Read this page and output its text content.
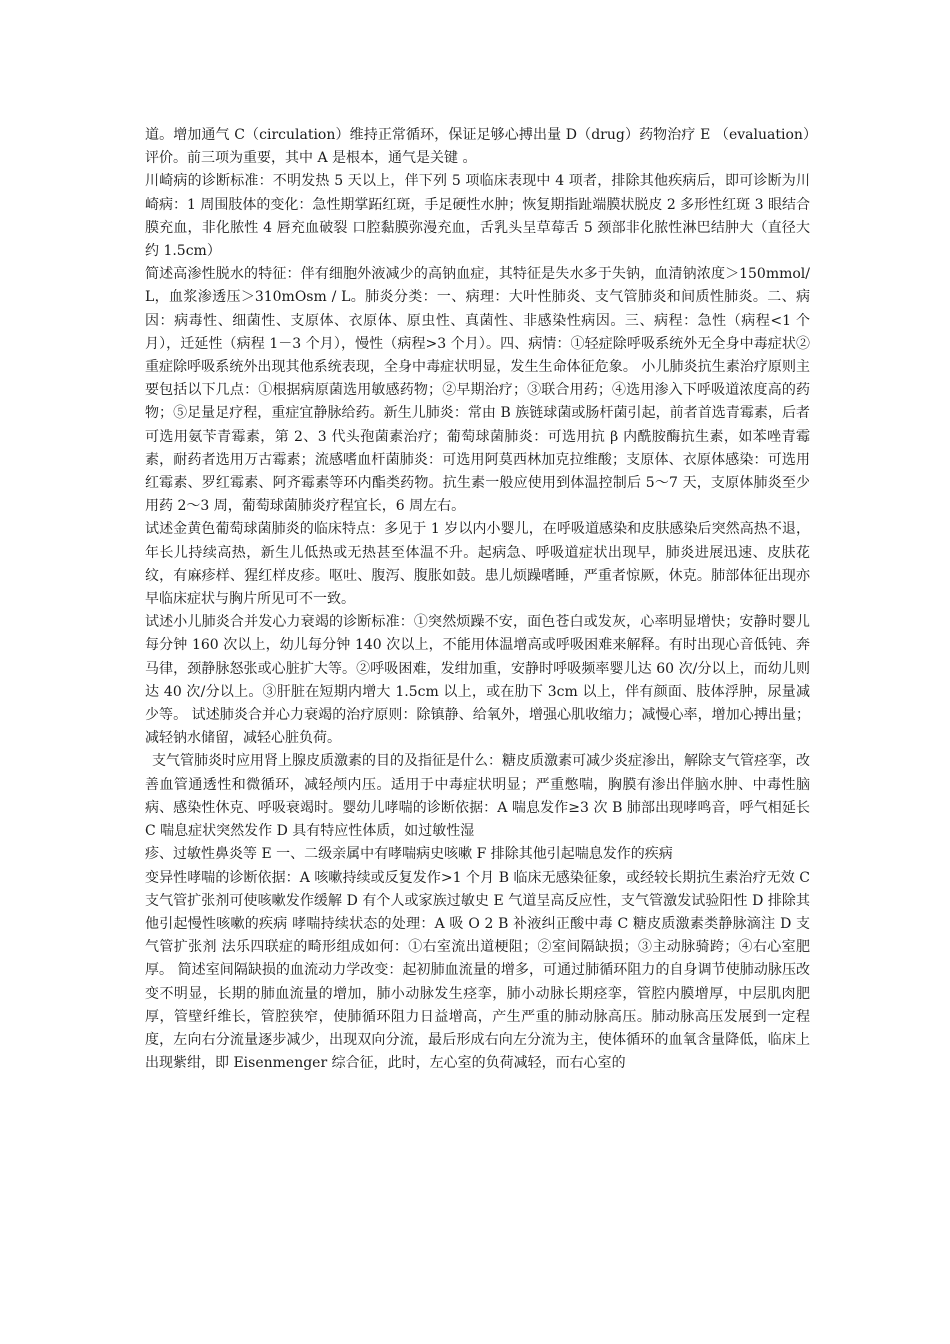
道。增加通气 C（circulation）维持正常循环，保证足够心搏出量 D（drug）药物治疗 E （evaluation）评价。前三项为重要，其中 A 是根本，通气是关键 。

川崎病的诊断标准：不明发热 5 天以上，伴下列 5 项临床表现中 4 项者，排除其他疾病后，即可诊断为川崎病：1 周围肢体的变化：急性期掌跖红斑，手足硬性水肿；恢复期指趾端膜状脱皮 2 多形性红斑 3 眼结合膜充血，非化脓性 4 唇充血破裂 口腔黏膜弥漫充血，舌乳头呈草莓舌 5 颈部非化脓性淋巴结肿大（直径大约 1.5cm）

简述高渗性脱水的特征：伴有细胞外液减少的高钠血症，其特征是失水多于失钠，血清钠浓度＞150mmol/L，血浆渗透压＞310mOsm / L。肺炎分类：一、病理：大叶性肺炎、支气管肺炎和间质性肺炎。二、病因：病毒性、细菌性、支原体、衣原体、原虫性、真菌性、非感染性病因。三、病程：急性（病程<1 个月），迁延性（病程 1－3 个月），慢性（病程>3 个月）。四、病情：①轻症除呼吸系统外无全身中毒症状②重症除呼吸系统外出现其他系统表现，全身中毒症状明显，发生生命体征危象。 小儿肺炎抗生素治疗原则主要包括以下几点：①根据病原菌选用敏感药物；②早期治疗；③联合用药；④选用渗入下呼吸道浓度高的药物；⑤足量足疗程，重症宜静脉给药。新生儿肺炎：常由 B 族链球菌或肠杆菌引起，前者首选青霉素，后者可选用氨苄青霉素，第 2、3 代头孢菌素治疗；葡萄球菌肺炎：可选用抗 β 内酰胺酶抗生素，如苯唑青霉素，耐药者选用万古霉素；流感嗜血杆菌肺炎：可选用阿莫西林加克拉维酸；支原体、衣原体感染：可选用红霉素、罗红霉素、阿齐霉素等环内酯类药物。抗生素一般应使用到体温控制后 5～7 天，支原体肺炎至少用药 2～3 周，葡萄球菌肺炎疗程宜长，6 周左右。

试述金黄色葡萄球菌肺炎的临床特点：多见于 1 岁以内小婴儿，在呼吸道感染和皮肤感染后突然高热不退，年长儿持续高热，新生儿低热或无热甚至体温不升。起病急、呼吸道症状出现早，肺炎进展迅速、皮肤花纹，有麻疹样、猩红样皮疹。呕吐、腹泻、腹胀如鼓。患儿烦躁嗜睡，严重者惊厥，休克。肺部体征出现亦早临床症状与胸片所见可不一致。

试述小儿肺炎合并发心力衰竭的诊断标准：①突然烦躁不安，面色苍白或发灰，心率明显增快；安静时婴儿每分钟 160 次以上，幼儿每分钟 140 次以上，不能用体温增高或呼吸困难来解释。有时出现心音低钝、奔马律，颈静脉怒张或心脏扩大等。②呼吸困难，发绀加重，安静时呼吸频率婴儿达 60 次/分以上，而幼儿则达 40 次/分以上。③肝脏在短期内增大 1.5cm 以上，或在肋下 3cm 以上，伴有颜面、肢体浮肿，尿量减少等。 试述肺炎合并心力衰竭的治疗原则：除镇静、给氧外，增强心肌收缩力；减慢心率，增加心搏出量；减轻钠水储留，减轻心脏负荷。

支气管肺炎时应用肾上腺皮质激素的目的及指征是什么：糖皮质激素可减少炎症渗出，解除支气管痉挛，改善血管通透性和微循环，减轻颅内压。适用于中毒症状明显；严重憋喘，胸膜有渗出伴脑水肿、中毒性脑病、感染性休克、呼吸衰竭时。婴幼儿哮喘的诊断依据：A 喘息发作≥3 次 B 肺部出现哮鸣音，呼气相延长 C 喘息症状突然发作 D 具有特应性体质，如过敏性湿

疹、过敏性鼻炎等 E 一、二级亲属中有哮喘病史咳嗽 F 排除其他引起喘息发作的疾病

变异性哮喘的诊断依据：A 咳嗽持续或反复发作>1 个月 B 临床无感染征象，或经较长期抗生素治疗无效 C 支气管扩张剂可使咳嗽发作缓解 D 有个人或家族过敏史 E 气道呈高反应性，支气管激发试验阳性 D 排除其他引起慢性咳嗽的疾病 哮喘持续状态的处理：A 吸 O 2 B 补液纠正酸中毒 C 糖皮质激素类静脉滴注 D 支气管扩张剂 法乐四联症的畸形组成如何：①右室流出道梗阻；②室间隔缺损；③主动脉骑跨；④右心室肥厚。 简述室间隔缺损的血流动力学改变：起初肺血流量的增多，可通过肺循环阻力的自身调节使肺动脉压改变不明显，长期的肺血流量的增加，肺小动脉发生痉挛，肺小动脉长期痉挛，管腔内膜增厚，中层肌肉肥厚，管壁纤维长，管腔狭窄，使肺循环阻力日益增高，产生严重的肺动脉高压。肺动脉高压发展到一定程度，左向右分流量逐步减少，出现双向分流，最后形成右向左分流为主，使体循环的血氧含量降低，临床上出现紫绀，即 Eisenmenger 综合征，此时，左心室的负荷减轻，而右心室的
